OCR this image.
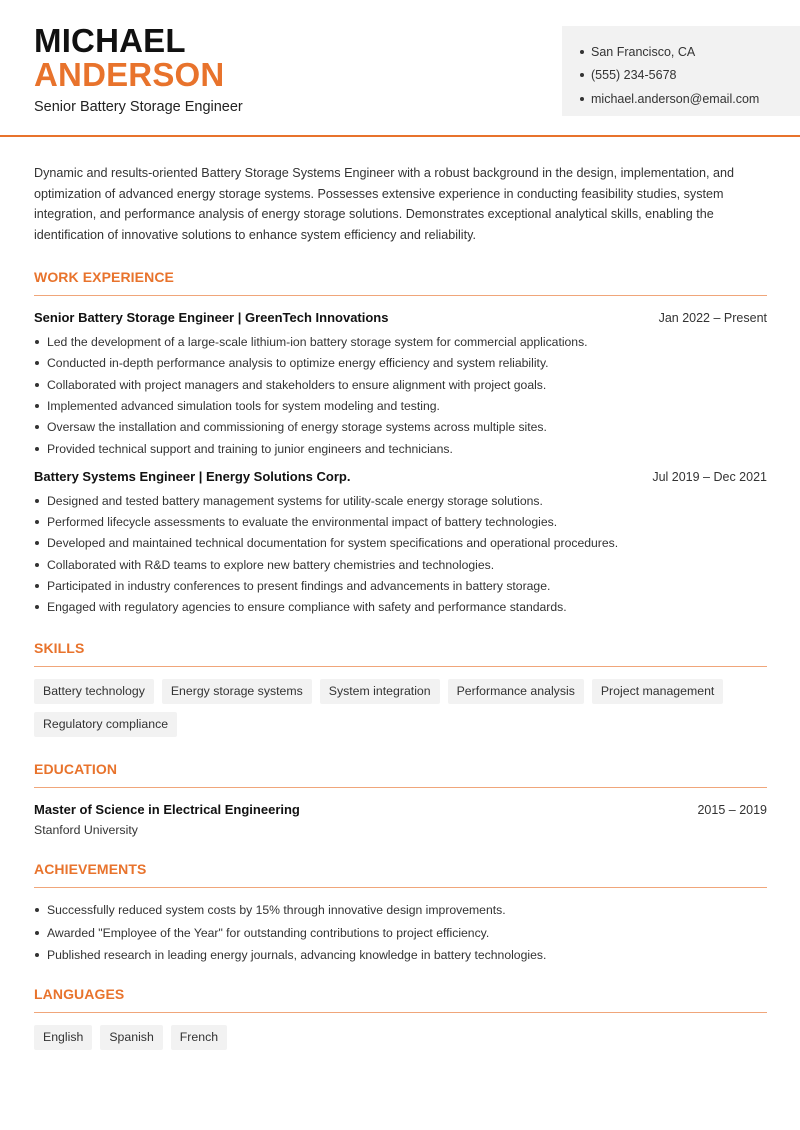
MICHAEL
ANDERSON
Senior Battery Storage Engineer
San Francisco, CA
(555) 234-5678
michael.anderson@email.com

Dynamic and results-oriented Battery Storage Systems Engineer with a robust background in the design, implementation, and optimization of advanced energy storage systems. Possesses extensive experience in conducting feasibility studies, system integration, and performance analysis of energy storage solutions. Demonstrates exceptional analytical skills, enabling the identification of innovative solutions to enhance system efficiency and reliability.

WORK EXPERIENCE
Senior Battery Storage Engineer | GreenTech Innovations	Jan 2022 – Present
Led the development of a large-scale lithium-ion battery storage system for commercial applications.
Conducted in-depth performance analysis to optimize energy efficiency and system reliability.
Collaborated with project managers and stakeholders to ensure alignment with project goals.
Implemented advanced simulation tools for system modeling and testing.
Oversaw the installation and commissioning of energy storage systems across multiple sites.
Provided technical support and training to junior engineers and technicians.
Battery Systems Engineer | Energy Solutions Corp.	Jul 2019 – Dec 2021
Designed and tested battery management systems for utility-scale energy storage solutions.
Performed lifecycle assessments to evaluate the environmental impact of battery technologies.
Developed and maintained technical documentation for system specifications and operational procedures.
Collaborated with R&D teams to explore new battery chemistries and technologies.
Participated in industry conferences to present findings and advancements in battery storage.
Engaged with regulatory agencies to ensure compliance with safety and performance standards.
SKILLS
Battery technology	Energy storage systems	System integration	Performance analysis	Project management
Regulatory compliance
EDUCATION
Master of Science in Electrical Engineering	2015 – 2019
Stanford University
ACHIEVEMENTS
Successfully reduced system costs by 15% through innovative design improvements.
Awarded "Employee of the Year" for outstanding contributions to project efficiency.
Published research in leading energy journals, advancing knowledge in battery technologies.
LANGUAGES
English	Spanish	French
